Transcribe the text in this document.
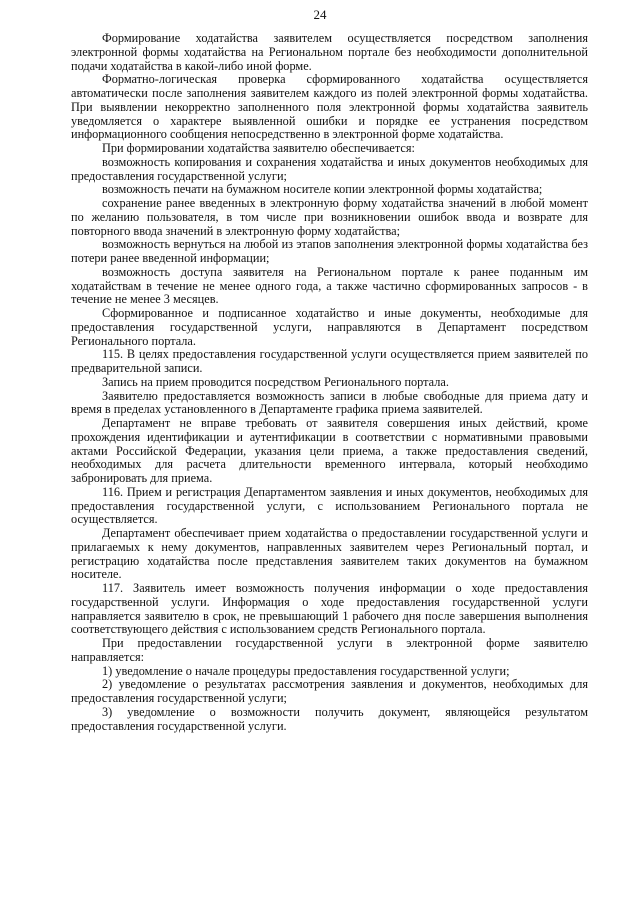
24

Формирование ходатайства заявителем осуществляется посредством заполнения электронной формы ходатайства на Региональном портале без необходимости дополнительной подачи ходатайства в какой-либо иной форме.

Форматно-логическая проверка сформированного ходатайства осуществляется автоматически после заполнения заявителем каждого из полей электронной формы ходатайства. При выявлении некорректно заполненного поля электронной формы ходатайства заявитель уведомляется о характере выявленной ошибки и порядке ее устранения посредством информационного сообщения непосредственно в электронной форме ходатайства.

При формировании ходатайства заявителю обеспечивается:

возможность копирования и сохранения ходатайства и иных документов необходимых для предоставления государственной услуги;

возможность печати на бумажном носителе копии электронной формы ходатайства;

сохранение ранее введенных в электронную форму ходатайства значений в любой момент по желанию пользователя, в том числе при возникновении ошибок ввода и возврате для повторного ввода значений в электронную форму ходатайства;

возможность вернуться на любой из этапов заполнения электронной формы ходатайства без потери ранее введенной информации;

возможность доступа заявителя на Региональном портале к ранее поданным им ходатайствам в течение не менее одного года, а также частично сформированных запросов - в течение не менее 3 месяцев.

Сформированное и подписанное ходатайство и иные документы, необходимые для предоставления государственной услуги, направляются в Департамент посредством Регионального портала.

115. В целях предоставления государственной услуги осуществляется прием заявителей по предварительной записи.

Запись на прием проводится посредством Регионального портала.

Заявителю предоставляется возможность записи в любые свободные для приема дату и время в пределах установленного в Департаменте графика приема заявителей.

Департамент не вправе требовать от заявителя совершения иных действий, кроме прохождения идентификации и аутентификации в соответствии с нормативными правовыми актами Российской Федерации, указания цели приема, а также предоставления сведений, необходимых для расчета длительности временного интервала, который необходимо забронировать для приема.

116. Прием и регистрация Департаментом заявления и иных документов, необходимых для предоставления государственной услуги, с использованием Регионального портала не осуществляется.

Департамент обеспечивает прием ходатайства о предоставлении государственной услуги и прилагаемых к нему документов, направленных заявителем через Региональный портал, и регистрацию ходатайства после представления заявителем таких документов на бумажном носителе.

117. Заявитель имеет возможность получения информации о ходе предоставления государственной услуги. Информация о ходе предоставления государственной услуги направляется заявителю в срок, не превышающий 1 рабочего дня после завершения выполнения соответствующего действия с использованием средств Регионального портала.

При предоставлении государственной услуги в электронной форме заявителю направляется:

1) уведомление о начале процедуры предоставления государственной услуги;

2) уведомление о результатах рассмотрения заявления и документов, необходимых для предоставления государственной услуги;

3) уведомление о возможности получить документ, являющейся результатом предоставления государственной услуги.
